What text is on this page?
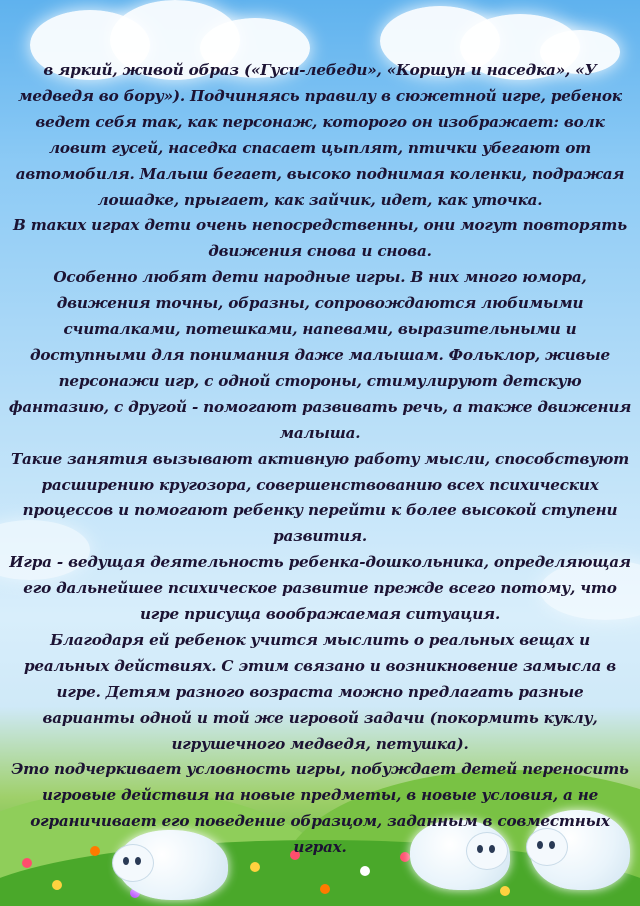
в яркий, живой образ («Гуси-лебеди», «Коршун и наседка», «У медведя во бору»). Подчиняясь правилу в сюжетной игре, ребенок ведет себя так, как персонаж, которого он изображает: волк ловит гусей, наседка спасает цыплят, птички убегают от автомобиля. Малыш бегает, высоко поднимая коленки, подражая лошадке, прыгает, как зайчик, идет, как уточка.

В таких играх дети очень непосредственны, они могут повторять движения снова и снова.

Особенно любят дети народные игры. В них много юмора, движения точны, образны, сопровождаются любимыми считалками, потешками, напевами, выразительными и доступными для понимания даже малышам. Фольклор, живые персонажи игр, с одной стороны, стимулируют детскую фантазию, с другой - помогают развивать речь, а также движения малыша.

Такие занятия вызывают активную работу мысли, способствуют расширению кругозора, совершенствованию всех психических процессов и помогают ребенку перейти к более высокой ступени развития.

Игра - ведущая деятельность ребенка-дошкольника, определяющая его дальнейшее психическое развитие прежде всего потому, что игре присуща воображаемая ситуация.

Благодаря ей ребенок учится мыслить о реальных вещах и реальных действиях. С этим связано и возникновение замысла в игре. Детям разного возраста можно предлагать разные варианты одной и той же игровой задачи (покормить куклу, игрушечного медведя, петушка).

Это подчеркивает условность игры, побуждает детей переносить игровые действия на новые предметы, в новые условия, а не ограничивает его поведение образцом, заданным в совместных играх.
